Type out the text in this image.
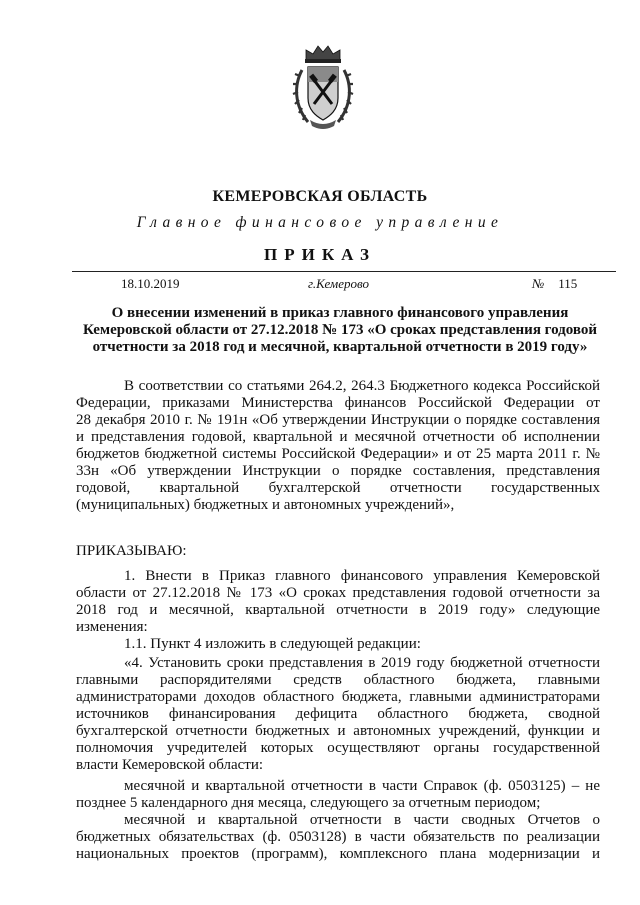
КЕМЕРОВСКАЯ ОБЛАСТЬ
Главное финансовое управление
ПРИКАЗ
18.10.2019	г.Кемерово	№ 115
О внесении изменений в приказ главного финансового управления
Кемеровской области от 27.12.2018 № 173 «О сроках представления годовой
отчетности за 2018 год и месячной, квартальной отчетности в 2019 году»
В соответствии со статьями 264.2, 264.3 Бюджетного кодекса Российской
Федерации, приказами Министерства финансов Российской Федерации от
28 декабря 2010 г. № 191н «Об утверждении Инструкции о порядке составления
и представления годовой, квартальной и месячной отчетности об исполнении
бюджетов бюджетной системы Российской Федерации» и от 25 марта 2011 г. №
33н «Об утверждении Инструкции о порядке составления, представления
годовой, квартальной бухгалтерской отчетности государственных
(муниципальных) бюджетных и автономных учреждений»,
ПРИКАЗЫВАЮ:
1. Внести в Приказ главного финансового управления Кемеровской
области от 27.12.2018 № 173 «О сроках представления годовой отчетности за
2018 год и месячной, квартальной отчетности в 2019 году» следующие
изменения:
1.1. Пункт 4 изложить в следующей редакции:
«4. Установить сроки представления в 2019 году бюджетной отчетности
главными распорядителями средств областного бюджета, главными
администраторами доходов областного бюджета, главными администраторами
источников финансирования дефицита областного бюджета, сводной
бухгалтерской отчетности бюджетных и автономных учреждений, функции и
полномочия учредителей которых осуществляют органы государственной
власти Кемеровской области:
месячной и квартальной отчетности в части Справок (ф. 0503125) – не
позднее 5 календарного дня месяца, следующего за отчетным периодом;
месячной и квартальной отчетности в части сводных Отчетов о
бюджетных обязательствах (ф. 0503128) в части обязательств по реализации
национальных проектов (программ), комплексного плана модернизации и
